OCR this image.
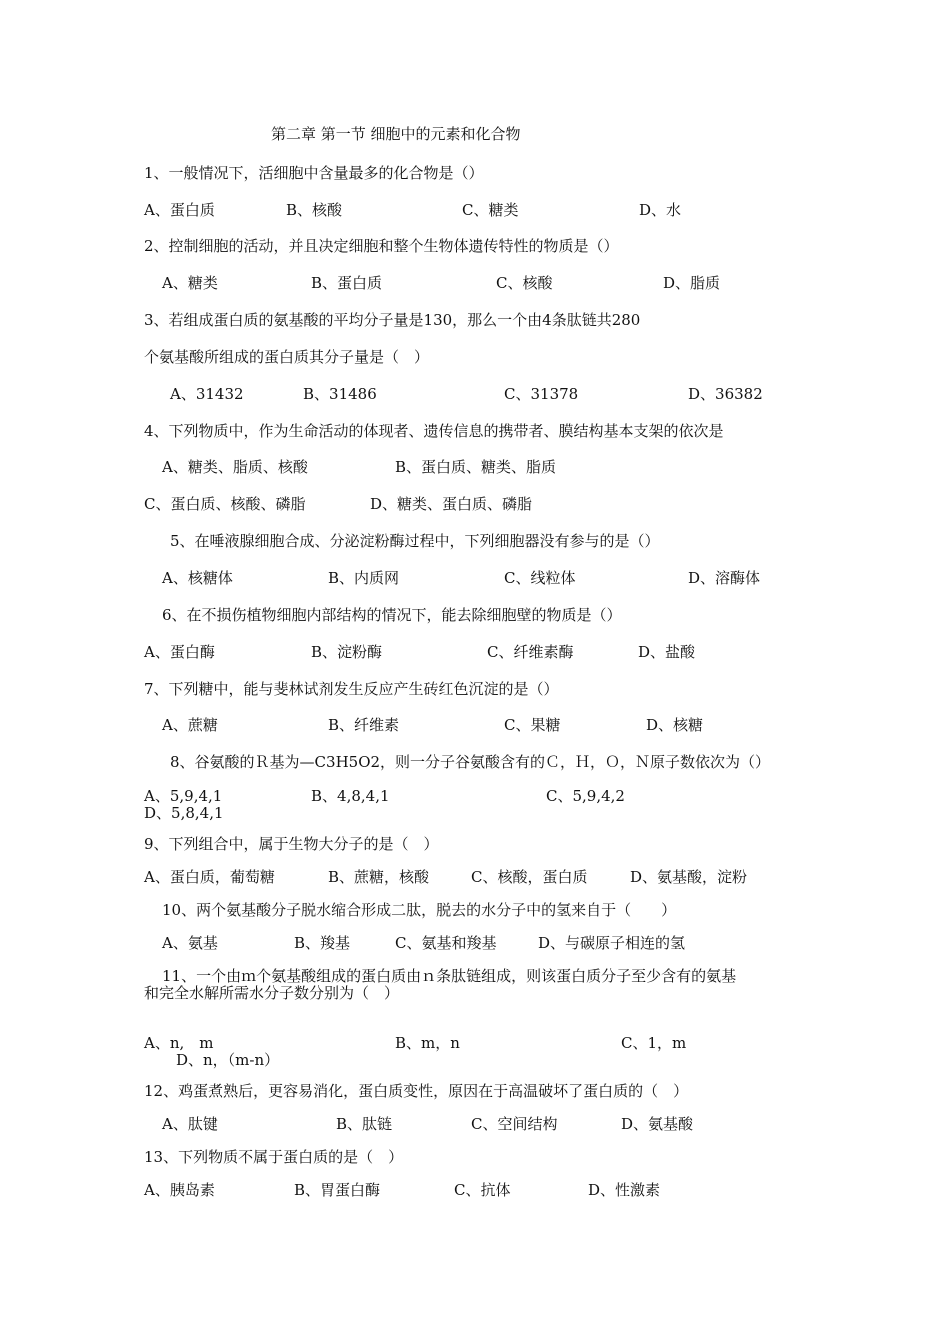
第二章 第一节 细胞中的元素和化合物
1、一般情况下，活细胞中含量最多的化合物是（）
A、蛋白质	B、核酸	C、糖类	D、水
2、控制细胞的活动，并且决定细胞和整个生物体遗传特性的物质是（）
A、糖类	B、蛋白质	C、核酸	D、脂质
3、若组成蛋白质的氨基酸的平均分子量是130，那么一个由4条肽链共280
个氨基酸所组成的蛋白质其分子量是（　）
A、31432	B、31486	C、31378	D、36382
4、下列物质中，作为生命活动的体现者、遗传信息的携带者、膜结构基本支架的依次是
A、糖类、脂质、核酸	B、蛋白质、糖类、脂质
C、蛋白质、核酸、磷脂	D、糖类、蛋白质、磷脂
5、在唾液腺细胞合成、分泌淀粉酶过程中，下列细胞器没有参与的是（）
A、核糖体	B、内质网	C、线粒体	D、溶酶体
6、在不损伤植物细胞内部结构的情况下，能去除细胞壁的物质是（）
A、蛋白酶	B、淀粉酶	C、纤维素酶	D、盐酸
7、下列糖中，能与斐林试剂发生反应产生砖红色沉淀的是（）
A、蔗糖	B、纤维素	C、果糖	D、核糖
8、谷氨酸的Ｒ基为—C3H5O2，则一分子谷氨酸含有的Ｃ，Ｈ，Ｏ，Ｎ原子数依次为（）
A、5,9,4,1	B、4,8,4,1	C、5,9,4,2
D、5,8,4,1
9、下列组合中，属于生物大分子的是（　）
A、蛋白质，葡萄糖	B、蔗糖，核酸	C、核酸，蛋白质	D、氨基酸，淀粉
10、两个氨基酸分子脱水缩合形成二肽，脱去的水分子中的氢来自于（　　）
A、氨基	B、羧基	C、氨基和羧基	D、与碳原子相连的氢
11、一个由ｍ个氨基酸组成的蛋白质由ｎ条肽链组成，则该蛋白质分子至少含有的氨基
和完全水解所需水分子数分别为（　）
A、n,　m	B、m，n	C、1，m
D、n，（m-n）
12、鸡蛋煮熟后，更容易消化，蛋白质变性，原因在于高温破坏了蛋白质的（　）
A、肽键	B、肽链	C、空间结构	D、氨基酸
13、下列物质不属于蛋白质的是（　）
A、胰岛素	B、胃蛋白酶	C、抗体	D、性激素
